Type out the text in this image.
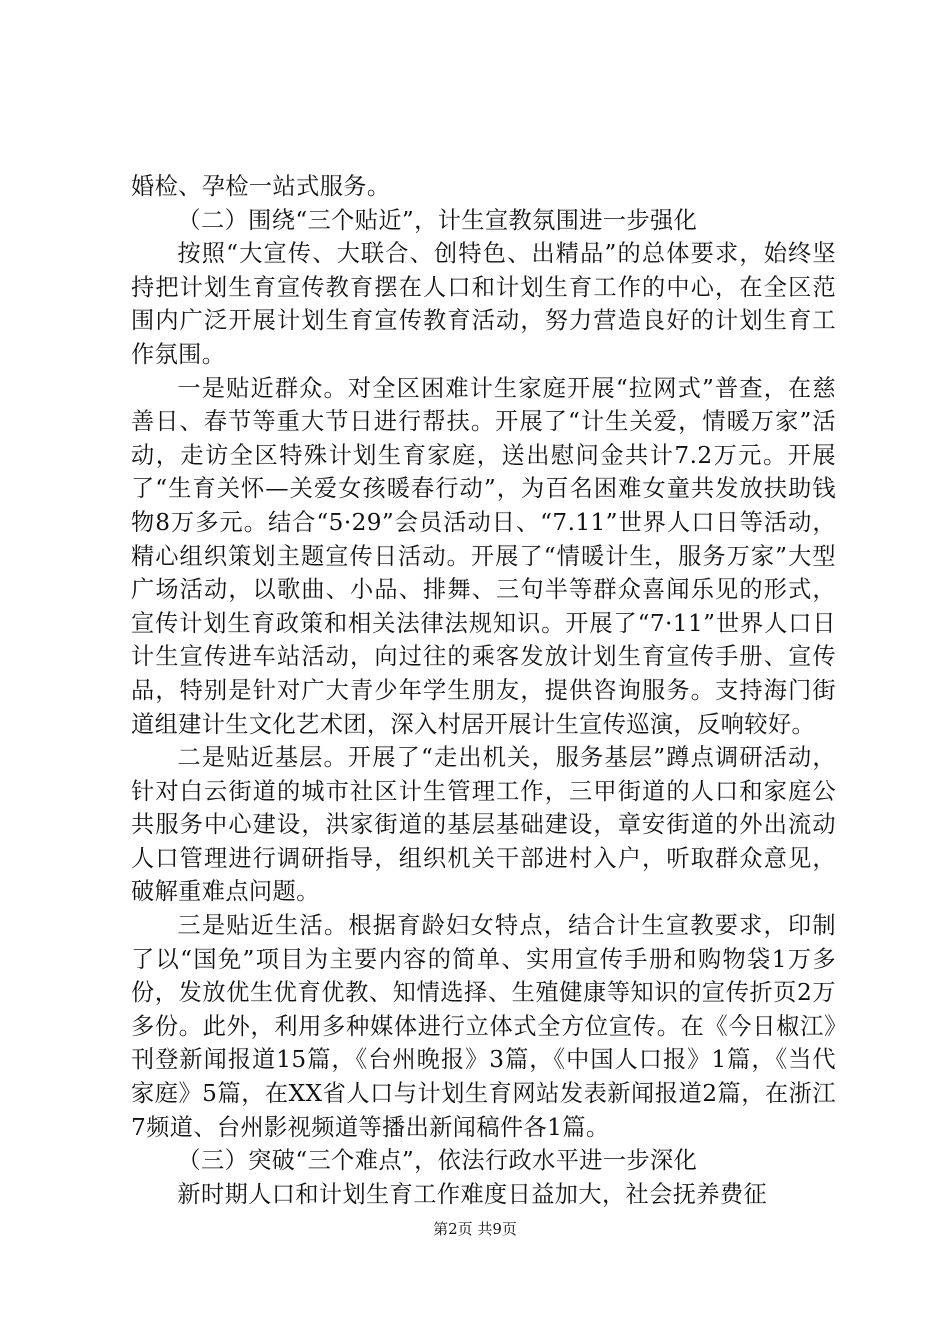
婚检、孕检一站式服务。

（二）围绕“三个贴近”，计生宣教氛围进一步强化

按照“大宣传、大联合、创特色、出精品”的总体要求，始终坚持把计划生育宣传教育摆在人口和计划生育工作的中心，在全区范围内广泛开展计划生育宣传教育活动，努力营造良好的计划生育工作氛围。

一是贴近群众。对全区困难计生家庭开展“拉网式”普查，在慈善日、春节等重大节日进行帮扶。开展了“计生关爱，情暖万家”活动，走访全区特殊计划生育家庭，送出慰问金共计7.2万元。开展了“生育关怀—关爱女孩暖春行动”，为百名困难女童共发放扶助钱物8万多元。结合“5·29”会员活动日、“7.11”世界人口日等活动，精心组织策划主题宣传日活动。开展了“情暖计生，服务万家”大型广场活动，以歌曲、小品、排舞、三句半等群众喜闻乐见的形式，宣传计划生育政策和相关法律法规知识。开展了“7·11”世界人口日计生宣传进车站活动，向过往的乘客发放计划生育宣传手册、宣传品，特别是针对广大青少年学生朋友，提供咨询服务。支持海门街道组建计生文化艺术团，深入村居开展计生宣传巡演，反响较好。

二是贴近基层。开展了“走出机关，服务基层”蹲点调研活动，针对白云街道的城市社区计生管理工作，三甲街道的人口和家庭公共服务中心建设，洪家街道的基层基础建设，章安街道的外出流动人口管理进行调研指导，组织机关干部进村入户，听取群众意见，破解重难点问题。

三是贴近生活。根据育龄妇女特点，结合计生宣教要求，印制了以“国免”项目为主要内容的简单、实用宣传手册和购物袋1万多份，发放优生优育优教、知情选择、生殖健康等知识的宣传折页2万多份。此外，利用多种媒体进行立体式全方位宣传。在《今日椒江》刊登新闻报道15篇，《台州晚报》3篇，《中国人口报》1篇，《当代家庭》5篇，在XX省人口与计划生育网站发表新闻报道2篇，在浙江7频道、台州影视频道等播出新闻稿件各1篇。

（三）突破“三个难点”，依法行政水平进一步深化

新时期人口和计划生育工作难度日益加大，社会抚养费征

第2页 共9页
